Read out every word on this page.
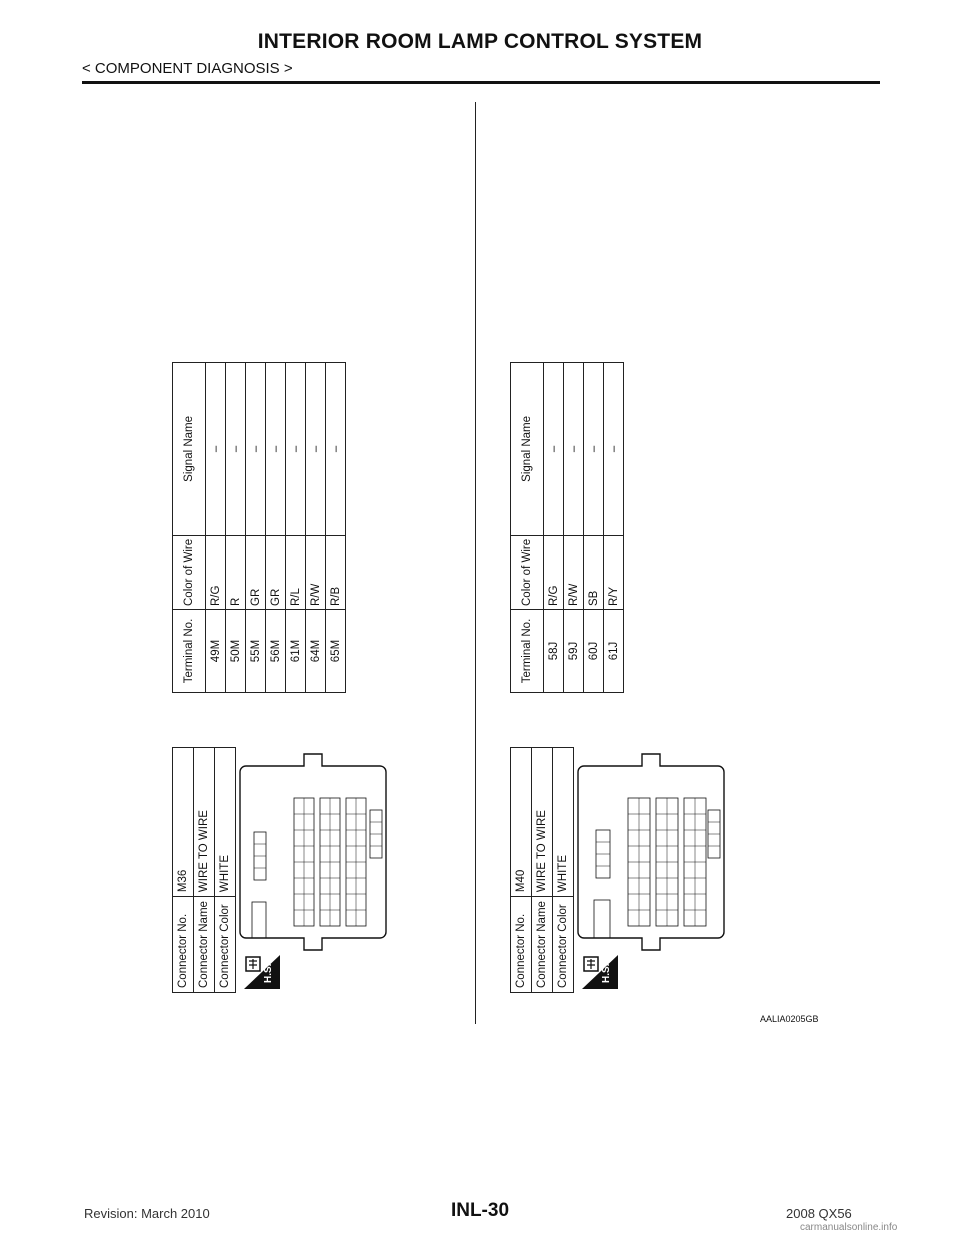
INTERIOR ROOM LAMP CONTROL SYSTEM
< COMPONENT DIAGNOSIS >
Connector No.	M36
Connector Name	WIRE TO WIRE
Connector Color	WHITE
Terminal No.	Color of Wire	Signal Name
49M	R/G	–
50M	R	–
55M	GR	–
56M	GR	–
61M	R/L	–
64M	R/W	–
65M	R/B	–
H.S.	Connector No.	M40
Connector Name	WIRE TO WIRE
Connector Color	WHITE
Terminal No.	Color of Wire	Signal Name
58J	R/G	–
59J	R/W	–
60J	SB	–
61J	R/Y	–
H.S.
AALIA0205GB
Revision: March 2010	INL-30	2008 QX56
carmanualsonline.info
